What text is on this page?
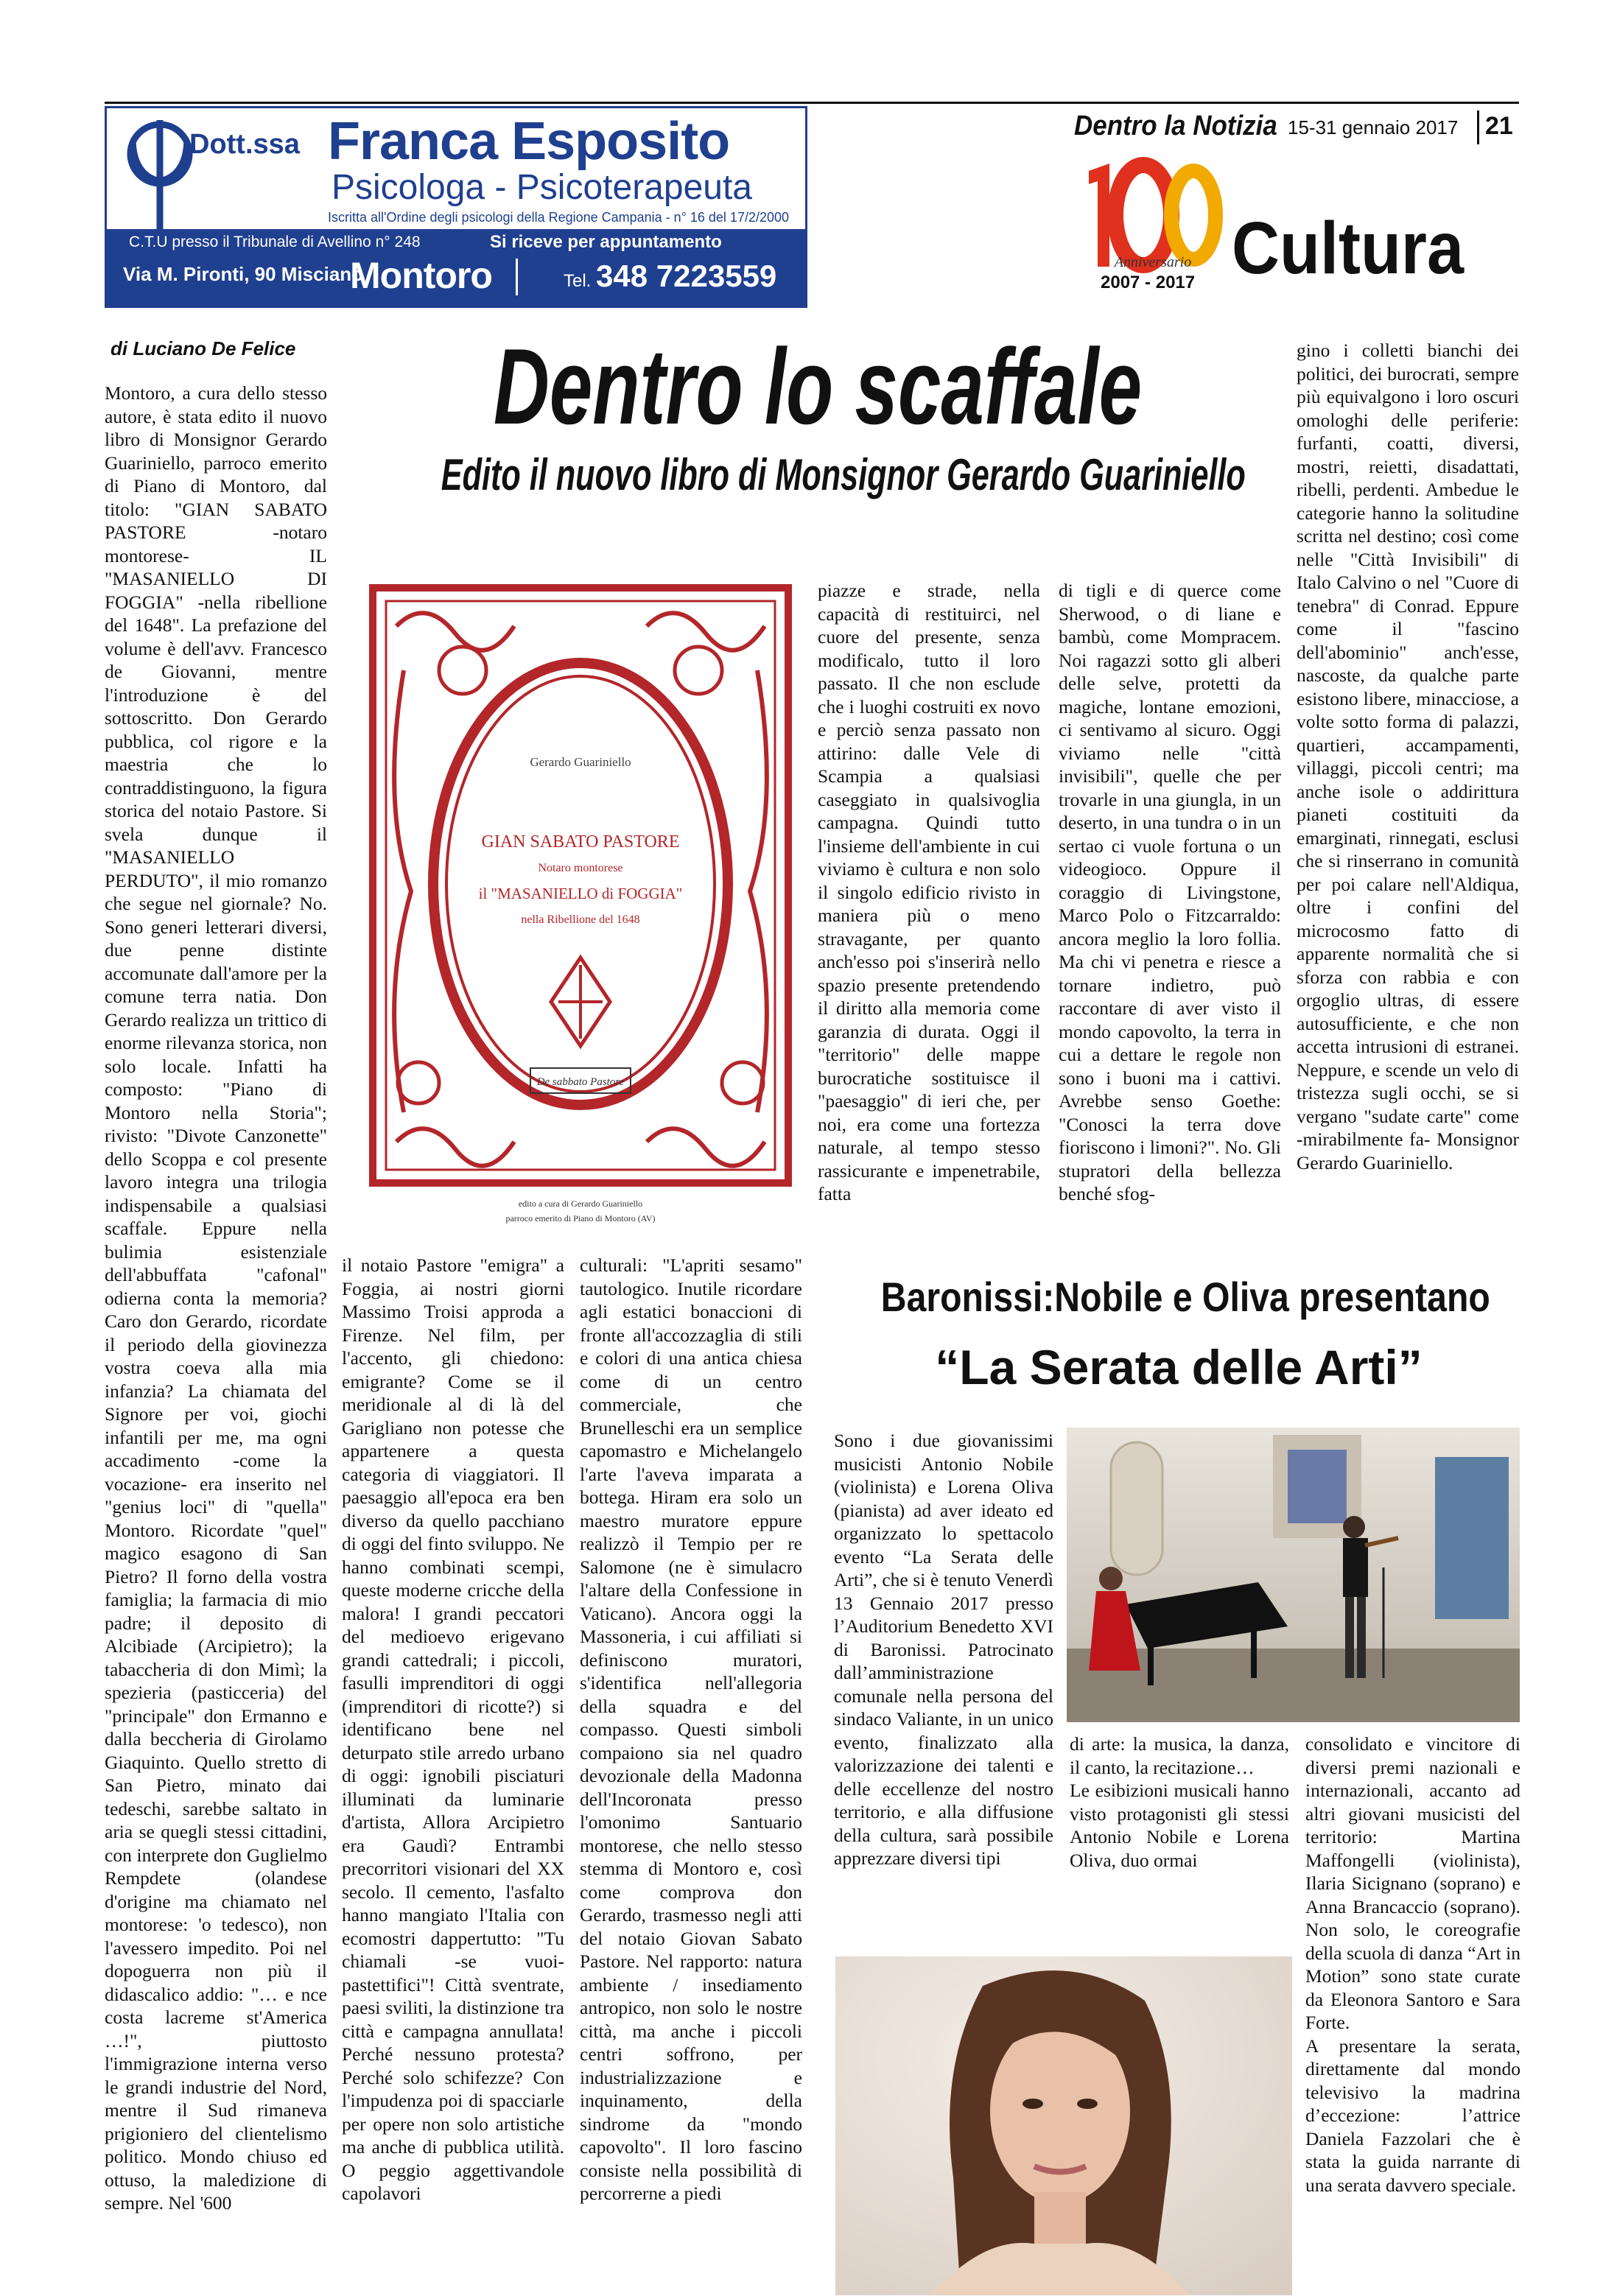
Dott.ssa Franca Esposito
Psicologa - Psicoterapeuta
Iscritta all'Ordine degli psicologi della Regione Campania - n° 16 del 17/2/2000
C.T.U presso il Tribunale di Avellino n° 248	Si riceve per appuntamento
Via M. Pironti, 90 Misciano
Montoro	Tel. 348 7223559
Dentro la Notizia 15-31 gennaio 2017 21
Anniversario
2007 - 2017 Cultura
di Luciano De Felice Dentro lo scaffale
Edito il nuovo libro di Monsignor Gerardo Guariniello
Montoro, a cura dello stesso autore, è stata edito il nuovo libro di Monsignor Gerardo Guariniello, parroco emerito di Piano di Montoro, dal titolo: "GIAN SABATO PASTORE -notaro montorese- IL "MASANIELLO DI FOGGIA" -nella ribellione del 1648". La prefazione del volume è dell'avv. Francesco de Giovanni, mentre l'introduzione è del sottoscritto. Don Gerardo pubblica, col rigore e la maestria che lo contraddistinguono, la figura storica del notaio Pastore. Si svela dunque il "MASANIELLO PERDUTO", il mio romanzo che segue nel giornale? No. Sono generi letterari diversi, due penne distinte accomunate dall'amore per la comune terra natia. Don Gerardo realizza un trittico di enorme rilevanza storica, non solo locale. Infatti ha composto: "Piano di Montoro nella Storia"; rivisto: "Divote Canzonette" dello Scoppa e col presente lavoro integra una trilogia indispensabile a qualsiasi scaffale. Eppure nella bulimia esistenziale dell'abbuffata "cafonal" odierna conta la memoria? Caro don Gerardo, ricordate il periodo della giovinezza vostra coeva alla mia infanzia? La chiamata del Signore per voi, giochi infantili per me, ma ogni accadimento -come la vocazione- era inserito nel "genius loci" di "quella" Montoro. Ricordate "quel" magico esagono di San Pietro? Il forno della vostra famiglia; la farmacia di mio padre; il deposito di Alcibiade (Arcipietro); la tabaccheria di don Mimì; la spezieria (pasticceria) del "principale" don Ermanno e dalla beccheria di Girolamo Giaquinto. Quello stretto di San Pietro, minato dai tedeschi, sarebbe saltato in aria se quegli stessi cittadini, con interprete don Guglielmo Rempdete (olandese d'origine ma chiamato nel montorese: 'o tedesco), non l'avessero impedito. Poi nel dopoguerra non più il didascalico addio: "… e nce costa lacreme st'America …!", piuttosto l'immigrazione interna verso le grandi industrie del Nord, mentre il Sud rimaneva prigioniero del clientelismo politico. Mondo chiuso ed ottuso, la maledizione di sempre. Nel '600
Gerardo Guariniello
GIAN SABATO PASTORE
Notaro montorese
il "MASANIELLO di FOGGIA"
nella Ribellione del 1648
De sabbato Pastore
edito a cura di Gerardo Guariniello
parroco emerito di Piano di Montoro (AV)
il notaio Pastore "emigra" a Foggia, ai nostri giorni Massimo Troisi approda a Firenze. Nel film, per l'accento, gli chiedono: emigrante? Come se il meridionale al di là del Garigliano non potesse che appartenere a questa categoria di viaggiatori. Il paesaggio all'epoca era ben diverso da quello pacchiano di oggi del finto sviluppo. Ne hanno combinati scempi, queste moderne cricche della malora! I grandi peccatori del medioevo erigevano grandi cattedrali; i piccoli, fasulli imprenditori di oggi (imprenditori di ricotte?) si identificano bene nel deturpato stile arredo urbano di oggi: ignobili pisciaturi illuminati da luminarie d'artista, Allora Arcipietro era Gaudì? Entrambi precorritori visionari del XX secolo. Il cemento, l'asfalto hanno mangiato l'Italia con ecomostri dappertutto: "Tu chiamali -se vuoi- pastettifici"! Città sventrate, paesi sviliti, la distinzione tra città e campagna annullata! Perché nessuno protesta? Perché solo schifezze? Con l'impudenza poi di spacciarle per opere non solo artistiche ma anche di pubblica utilità. O peggio aggettivandole capolavori
culturali: "L'apriti sesamo" tautologico. Inutile ricordare agli estatici bonaccioni di fronte all'accozzaglia di stili e colori di una antica chiesa come di un centro commerciale, che Brunelleschi era un semplice capomastro e Michelangelo l'arte l'aveva imparata a bottega. Hiram era solo un maestro muratore eppure realizzò il Tempio per re Salomone (ne è simulacro l'altare della Confessione in Vaticano). Ancora oggi la Massoneria, i cui affiliati si definiscono muratori, s'identifica nell'allegoria della squadra e del compasso. Questi simboli compaiono sia nel quadro devozionale della Madonna dell'Incoronata presso l'omonimo Santuario montorese, che nello stesso stemma di Montoro e, così come comprova don Gerardo, trasmesso negli atti del notaio Giovan Sabato Pastore. Nel rapporto: natura ambiente / insediamento antropico, non solo le nostre città, ma anche i piccoli centri soffrono, per industrializzazione e inquinamento, della sindrome da "mondo capovolto". Il loro fascino consiste nella possibilità di percorrerne a piedi
piazze e strade, nella capacità di restituirci, nel cuore del presente, senza modificalo, tutto il loro passato. Il che non esclude che i luoghi costruiti ex novo e perciò senza passato non attirino: dalle Vele di Scampia a qualsiasi caseggiato in qualsivoglia campagna. Quindi tutto l'insieme dell'ambiente in cui viviamo è cultura e non solo il singolo edificio rivisto in maniera più o meno stravagante, per quanto anch'esso poi s'inserirà nello spazio presente pretendendo il diritto alla memoria come garanzia di durata. Oggi il "territorio" delle mappe burocratiche sostituisce il "paesaggio" di ieri che, per noi, era come una fortezza naturale, al tempo stesso rassicurante e impenetrabile, fatta
di tigli e di querce come Sherwood, o di liane e bambù, come Mompracem. Noi ragazzi sotto gli alberi delle selve, protetti da magiche, lontane emozioni, ci sentivamo al sicuro. Oggi viviamo nelle "città invisibili", quelle che per trovarle in una giungla, in un deserto, in una tundra o in un sertao ci vuole fortuna o un videogioco. Oppure il coraggio di Livingstone, Marco Polo o Fitzcarraldo: ancora meglio la loro follia. Ma chi vi penetra e riesce a tornare indietro, può raccontare di aver visto il mondo capovolto, la terra in cui a dettare le regole non sono i buoni ma i cattivi. Avrebbe senso Goethe: "Conosci la terra dove fioriscono i limoni?". No. Gli stupratori della bellezza benché sfog-
gino i colletti bianchi dei politici, dei burocrati, sempre più equivalgono i loro oscuri omologhi delle periferie: furfanti, coatti, diversi, mostri, reietti, disadattati, ribelli, perdenti. Ambedue le categorie hanno la solitudine scritta nel destino; così come nelle "Città Invisibili" di Italo Calvino o nel "Cuore di tenebra" di Conrad. Eppure come il "fascino dell'abominio" anch'esse, nascoste, da qualche parte esistono libere, minacciose, a volte sotto forma di palazzi, quartieri, accampamenti, villaggi, piccoli centri; ma anche isole o addirittura pianeti costituiti da emarginati, rinnegati, esclusi che si rinserrano in comunità per poi calare nell'Aldiqua, oltre i confini del microcosmo fatto di apparente normalità che si sforza con rabbia e con orgoglio ultras, di essere autosufficiente, e che non accetta intrusioni di estranei. Neppure, e scende un velo di tristezza sugli occhi, se si vergano "sudate carte" come -mirabilmente fa- Monsignor Gerardo Guariniello.
Baronissi:Nobile e Oliva presentano
“La Serata delle Arti”
Sono i due giovanissimi musicisti Antonio Nobile (violinista) e Lorena Oliva (pianista) ad aver ideato ed organizzato lo spettacolo evento “La Serata delle Arti”, che si è tenuto Venerdì 13 Gennaio 2017 presso l’Auditorium Benedetto XVI di Baronissi. Patrocinato dall’amministrazione comunale nella persona del sindaco Valiante, in un unico evento, finalizzato alla valorizzazione dei talenti e delle eccellenze del nostro territorio, e alla diffusione della cultura, sarà possibile apprezzare diversi tipi
di arte: la musica, la danza, il canto, la recitazione…
Le esibizioni musicali hanno visto protagonisti gli stessi Antonio Nobile e Lorena Oliva, duo ormai
consolidato e vincitore di diversi premi nazionali e internazionali, accanto ad altri giovani musicisti del territorio: Martina Maffongelli (violinista), Ilaria Sicignano (soprano) e Anna Brancaccio (soprano). Non solo, le coreografie della scuola di danza “Art in Motion” sono state curate da Eleonora Santoro e Sara Forte.
A presentare la serata, direttamente dal mondo televisivo la madrina d’eccezione: l’attrice Daniela Fazzolari che è stata la guida narrante di una serata davvero speciale.
